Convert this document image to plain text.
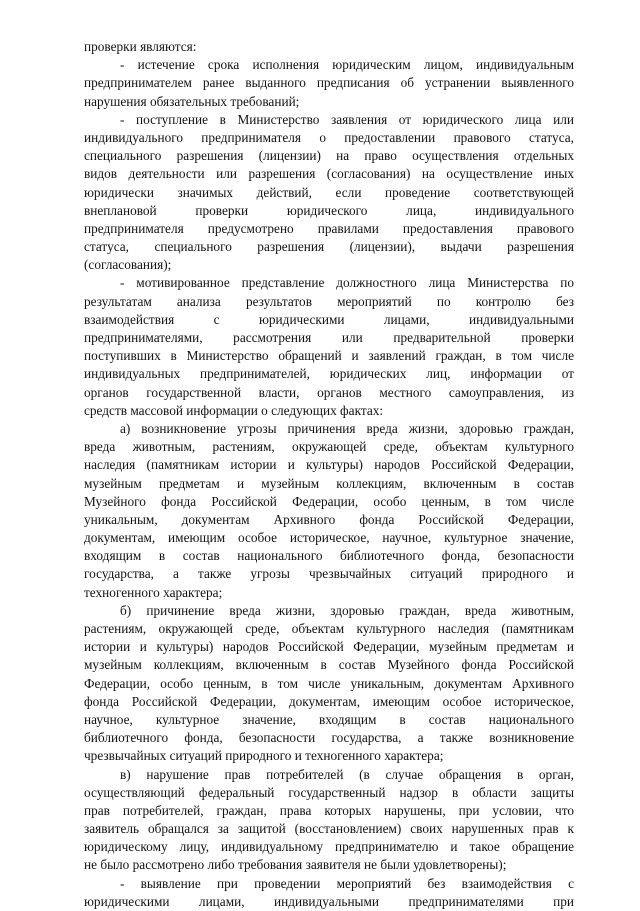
проверки являются:
- истечение срока исполнения юридическим лицом, индивидуальным
предпринимателем ранее выданного предписания об устранении выявленного
нарушения обязательных требований;
- поступление в Министерство заявления от юридического лица или
индивидуального предпринимателя о предоставлении правового статуса,
специального разрешения (лицензии) на право осуществления отдельных
видов деятельности или разрешения (согласования) на осуществление иных
юридически значимых действий, если проведение соответствующей
внеплановой проверки юридического лица, индивидуального
предпринимателя предусмотрено правилами предоставления правового
статуса, специального разрешения (лицензии), выдачи разрешения
(согласования);
- мотивированное представление должностного лица Министерства по
результатам анализа результатов мероприятий по контролю без
взаимодействия с юридическими лицами, индивидуальными
предпринимателями, рассмотрения или предварительной проверки
поступивших в Министерство обращений и заявлений граждан, в том числе
индивидуальных предпринимателей, юридических лиц, информации от
органов государственной власти, органов местного самоуправления, из
средств массовой информации о следующих фактах:
а) возникновение угрозы причинения вреда жизни, здоровью граждан,
вреда животным, растениям, окружающей среде, объектам культурного
наследия (памятникам истории и культуры) народов Российской Федерации,
музейным предметам и музейным коллекциям, включенным в состав
Музейного фонда Российской Федерации, особо ценным, в том числе
уникальным, документам Архивного фонда Российской Федерации,
документам, имеющим особое историческое, научное, культурное значение,
входящим в состав национального библиотечного фонда, безопасности
государства, а также угрозы чрезвычайных ситуаций природного и
техногенного характера;
б) причинение вреда жизни, здоровью граждан, вреда животным,
растениям, окружающей среде, объектам культурного наследия (памятникам
истории и культуры) народов Российской Федерации, музейным предметам и
музейным коллекциям, включенным в состав Музейного фонда Российской
Федерации, особо ценным, в том числе уникальным, документам Архивного
фонда Российской Федерации, документам, имеющим особое историческое,
научное, культурное значение, входящим в состав национального
библиотечного фонда, безопасности государства, а также возникновение
чрезвычайных ситуаций природного и техногенного характера;
в) нарушение прав потребителей (в случае обращения в орган,
осуществляющий федеральный государственный надзор в области защиты
прав потребителей, граждан, права которых нарушены, при условии, что
заявитель обращался за защитой (восстановлением) своих нарушенных прав к
юридическому лицу, индивидуальному предпринимателю и такое обращение
не было рассмотрено либо требования заявителя не были удовлетворены);
- выявление при проведении мероприятий без взаимодействия с
юридическими лицами, индивидуальными предпринимателями при
